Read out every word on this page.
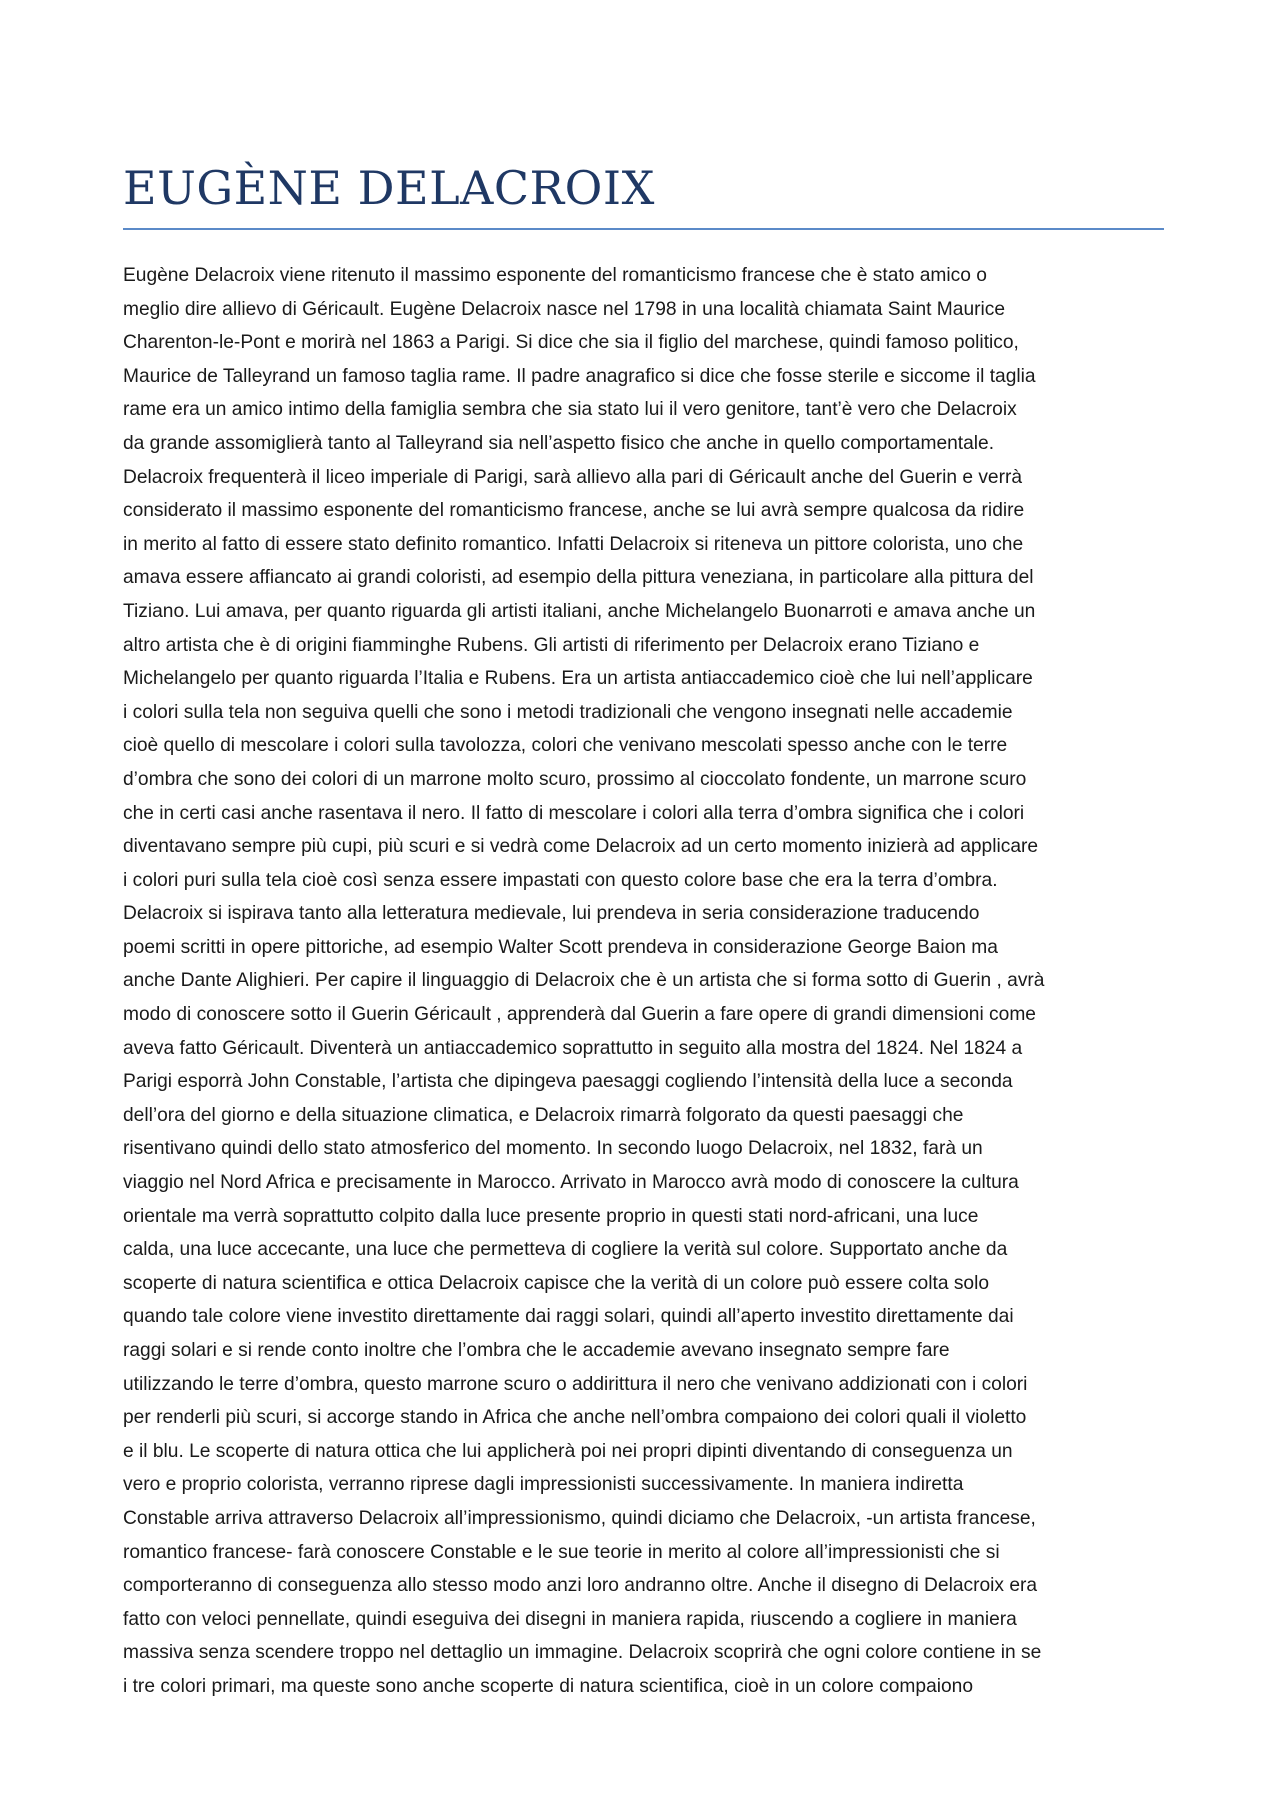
EUGÈNE DELACROIX
Eugène Delacroix viene ritenuto il massimo esponente del romanticismo francese che è stato amico o
meglio dire allievo di Géricault. Eugène Delacroix nasce nel 1798 in una località chiamata Saint Maurice
Charenton-le-Pont e morirà nel 1863 a Parigi. Si dice che sia il figlio del marchese, quindi famoso politico,
Maurice de Talleyrand un famoso taglia rame. Il padre anagrafico si dice che fosse sterile e siccome il taglia
rame era un amico intimo della famiglia sembra che sia stato lui il vero genitore, tant’è vero che Delacroix
da grande assomiglierà tanto al Talleyrand sia nell’aspetto fisico che anche in quello comportamentale.
Delacroix frequenterà il liceo imperiale di Parigi, sarà allievo alla pari di Géricault anche del Guerin e verrà
considerato il massimo esponente del romanticismo francese, anche se lui avrà sempre qualcosa da ridire
in merito al fatto di essere stato definito romantico. Infatti Delacroix si riteneva un pittore colorista, uno che
amava essere affiancato ai grandi coloristi, ad esempio della pittura veneziana, in particolare alla pittura del
Tiziano. Lui amava, per quanto riguarda gli artisti italiani, anche Michelangelo Buonarroti e amava anche un
altro artista che è di origini fiamminghe Rubens. Gli artisti di riferimento per Delacroix erano Tiziano e
Michelangelo per quanto riguarda l’Italia e Rubens. Era un artista antiaccademico cioè che lui nell’applicare
i colori sulla tela non seguiva quelli che sono i metodi tradizionali che vengono insegnati nelle accademie
cioè quello di mescolare i colori sulla tavolozza, colori che venivano mescolati spesso anche con le terre
d’ombra che sono dei colori di un marrone molto scuro, prossimo al cioccolato fondente, un marrone scuro
che in certi casi anche rasentava il nero. Il fatto di mescolare i colori alla terra d’ombra significa che i colori
diventavano sempre più cupi, più scuri e si vedrà come Delacroix ad un certo momento inizierà ad applicare
i colori puri sulla tela cioè così senza essere impastati con questo colore base che era la terra d’ombra.
Delacroix si ispirava tanto alla letteratura medievale, lui prendeva in seria considerazione traducendo
poemi scritti in opere pittoriche, ad esempio Walter Scott prendeva in considerazione George Baion ma
anche Dante Alighieri. Per capire il linguaggio di Delacroix che è un artista che si forma sotto di Guerin , avrà
modo di conoscere sotto il Guerin Géricault , apprenderà dal Guerin a fare opere di grandi dimensioni come
aveva fatto Géricault. Diventerà un antiaccademico soprattutto in seguito alla mostra del 1824. Nel 1824 a
Parigi esporrà John Constable, l’artista che dipingeva paesaggi cogliendo l’intensità della luce a seconda
dell’ora del giorno e della situazione climatica, e Delacroix rimarrà folgorato da questi paesaggi che
risentivano quindi dello stato atmosferico del momento. In secondo luogo Delacroix, nel 1832, farà un
viaggio nel Nord Africa e precisamente in Marocco. Arrivato in Marocco avrà modo di conoscere la cultura
orientale ma verrà soprattutto colpito dalla luce presente proprio in questi stati nord-africani, una luce
calda, una luce accecante, una luce che permetteva di cogliere la verità sul colore. Supportato anche da
scoperte di natura scientifica e ottica Delacroix capisce che la verità di un colore può essere colta solo
quando tale colore viene investito direttamente dai raggi solari, quindi all’aperto investito direttamente dai
raggi solari e si rende conto inoltre che l’ombra che le accademie avevano insegnato sempre fare
utilizzando le terre d’ombra, questo marrone scuro o addirittura il nero che venivano addizionati con i colori
per renderli più scuri, si accorge stando in Africa che anche nell’ombra compaiono dei colori quali il violetto
e il blu. Le scoperte di natura ottica che lui applicherà poi nei propri dipinti diventando di conseguenza un
vero e proprio colorista, verranno riprese dagli impressionisti successivamente. In maniera indiretta
Constable arriva attraverso Delacroix all’impressionismo, quindi diciamo che Delacroix, -un artista francese,
romantico francese- farà conoscere Constable e le sue teorie in merito al colore all’impressionisti che si
comporteranno di conseguenza allo stesso modo anzi loro andranno oltre. Anche il disegno di Delacroix era
fatto con veloci pennellate, quindi eseguiva dei disegni in maniera rapida, riuscendo a cogliere in maniera
massiva senza scendere troppo nel dettaglio un immagine. Delacroix scoprirà che ogni colore contiene in se
i tre colori primari, ma queste sono anche scoperte di natura scientifica, cioè in un colore compaiono
